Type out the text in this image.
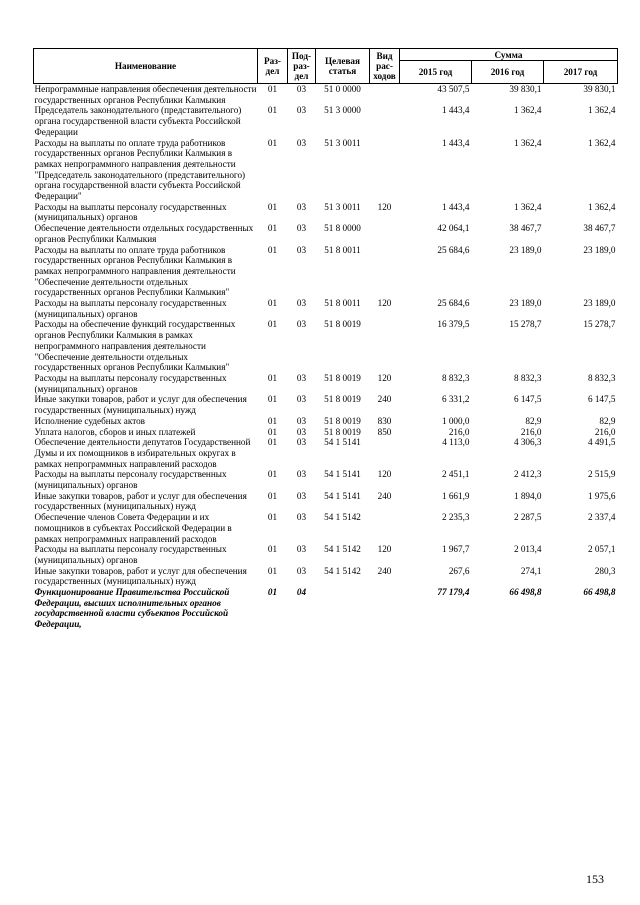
Наименование	Раз-дел	Под-раз-дел	Целевая статья	Вид рас-ходов	Сумма		
					2015 год	2016 год	2017 год
Непрограммные направления обеспечения деятельности государственных органов Республики Калмыкия	01	03	51 0 0000		43 507,5	39 830,1	39 830,1
Председатель законодательного (представительного) органа государственной власти субъекта Российской Федерации	01	03	51 3 0000		1 443,4	1 362,4	1 362,4
Расходы на выплаты по оплате труда работников государственных органов Республики Калмыкия в рамках непрограммного направления деятельности "Председатель законодательного (представительного) органа государственной власти субъекта Российской Федерации"	01	03	51 3 0011		1 443,4	1 362,4	1 362,4
Расходы на выплаты персоналу государственных (муниципальных) органов	01	03	51 3 0011	120	1 443,4	1 362,4	1 362,4
Обеспечение деятельности отдельных государственных органов Республики Калмыкия	01	03	51 8 0000		42 064,1	38 467,7	38 467,7
Расходы на выплаты по оплате труда работников государственных органов Республики Калмыкия в рамках непрограммного направления деятельности "Обеспечение деятельности отдельных государственных органов Республики Калмыкия"	01	03	51 8 0011		25 684,6	23 189,0	23 189,0
Расходы на выплаты персоналу государственных (муниципальных) органов	01	03	51 8 0011	120	25 684,6	23 189,0	23 189,0
Расходы на обеспечение функций государственных органов Республики Калмыкия в рамках непрограммного направления деятельности "Обеспечение деятельности отдельных государственных органов Республики Калмыкия"	01	03	51 8 0019		16 379,5	15 278,7	15 278,7
Расходы на выплаты персоналу государственных (муниципальных) органов	01	03	51 8 0019	120	8 832,3	8 832,3	8 832,3
Иные закупки товаров, работ и услуг для обеспечения государственных (муниципальных) нужд	01	03	51 8 0019	240	6 331,2	6 147,5	6 147,5
Исполнение судебных актов	01	03	51 8 0019	830	1 000,0	82,9	82,9
Уплата налогов, сборов и иных платежей	01	03	51 8 0019	850	216,0	216,0	216,0
Обеспечение деятельности депутатов Государственной Думы и их помощников в избирательных округах в рамках непрограммных направлений расходов	01	03	54 1 5141		4 113,0	4 306,3	4 491,5
Расходы на выплаты персоналу государственных (муниципальных) органов	01	03	54 1 5141	120	2 451,1	2 412,3	2 515,9
Иные закупки товаров, работ и услуг для обеспечения государственных (муниципальных) нужд	01	03	54 1 5141	240	1 661,9	1 894,0	1 975,6
Обеспечение членов Совета Федерации и их помощников в субъектах Российской Федерации в рамках непрограммных направлений расходов	01	03	54 1 5142		2 235,3	2 287,5	2 337,4
Расходы на выплаты персоналу государственных (муниципальных) органов	01	03	54 1 5142	120	1 967,7	2 013,4	2 057,1
Иные закупки товаров, работ и услуг для обеспечения государственных (муниципальных) нужд	01	03	54 1 5142	240	267,6	274,1	280,3
Функционирование Правительства Российской Федерации, высших исполнительных органов государственной власти субъектов Российской Федерации,	01	04			77 179,4	66 498,8	66 498,8
153
